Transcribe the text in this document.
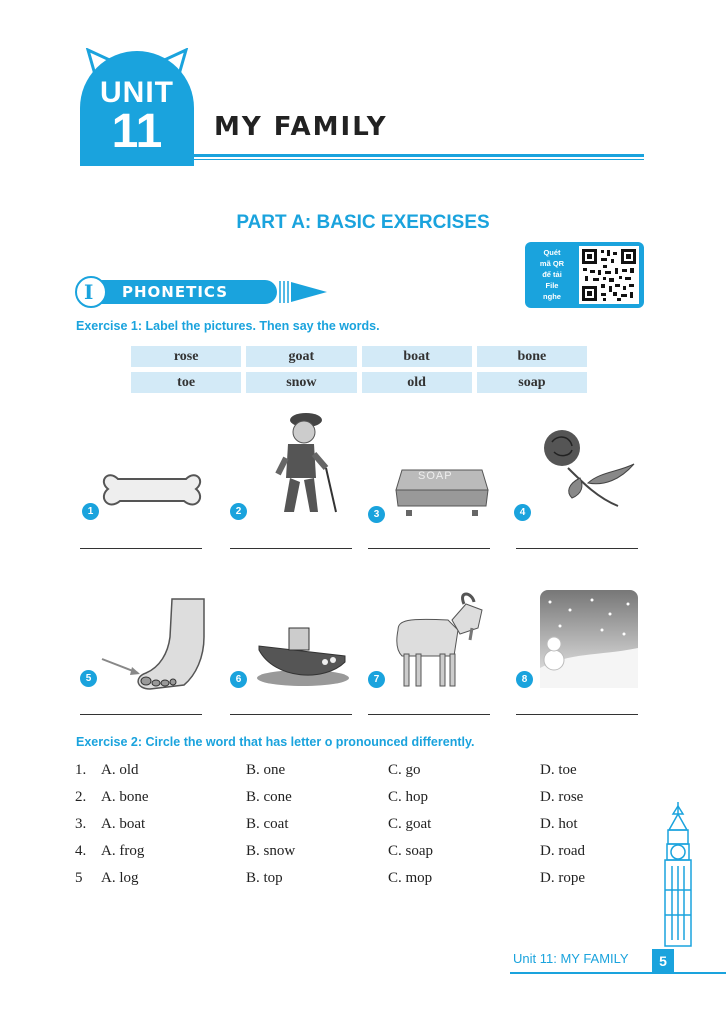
UNIT
11	MY FAMILY
PART A: BASIC EXERCISES
Quét
mã QR
để tải
File
nghe
I PHONETICS
Exercise 1: Label the pictures. Then say the words.
rose	goat	boat	bone
toe	snow	old	soap
1	2
SOAP
3	4
5	6	7	8
Exercise 2: Circle the word that has letter o pronounced differently.
1. A. old	B. one	C. go	D. toe
2. A. bone	B. cone	C. hop	D. rose
3. A. boat	B. coat	C. goat	D. hot
4. A. frog	B. snow	C. soap	D. road
5 A. log	B. top	C. mop	D. rope
Unit 11: MY FAMILY	5
